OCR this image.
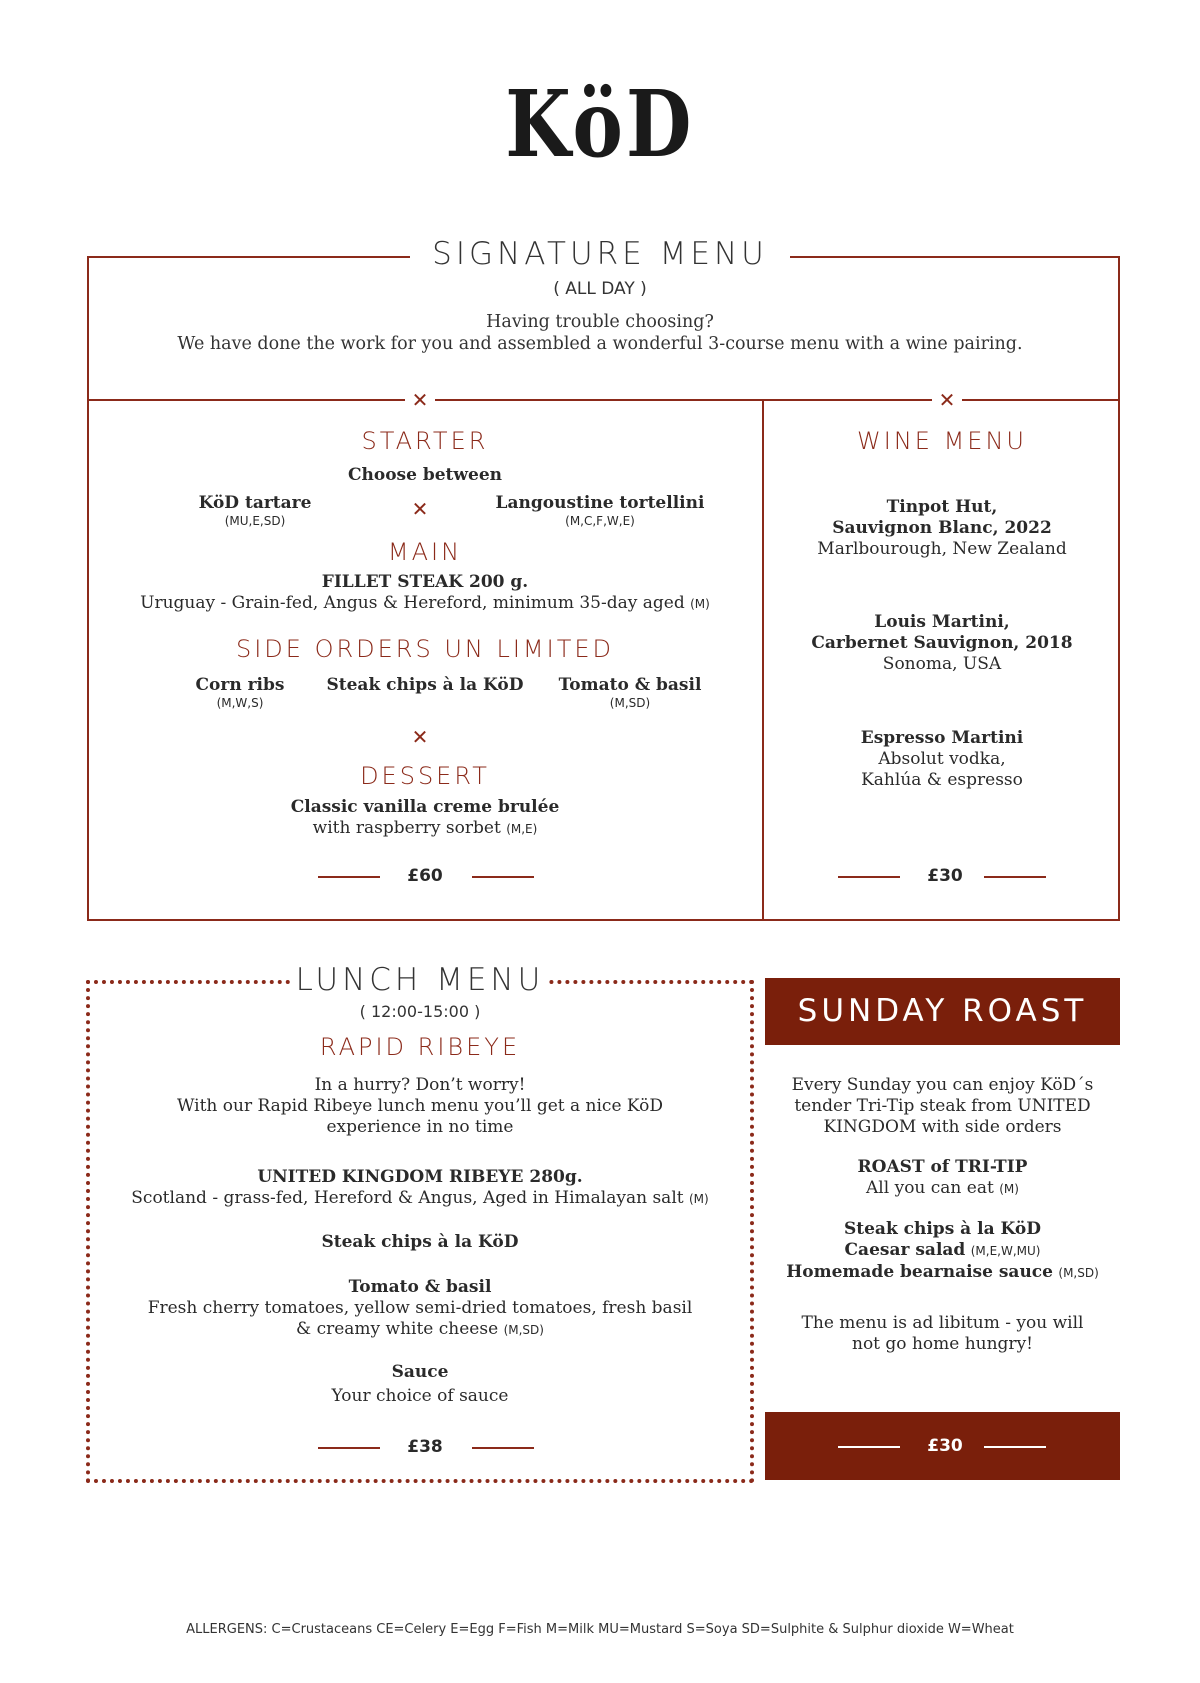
KöD
SIGNATURE MENU
( ALL DAY )
Having trouble choosing?
We have done the work for you and assembled a wonderful 3-course menu with a wine pairing.
✕	✕
STARTER
Choose between
KöD tartare
(MU,E,SD)	✕	Langoustine tortellini
(M,C,F,W,E)
MAIN
FILLET STEAK 200 g.
Uruguay - Grain-fed, Angus & Hereford, minimum 35-day aged (M)
SIDE ORDERS UN LIMITED
Corn ribs
(M,W,S)
Steak chips à la KöD	Tomato & basil
(M,SD)
✕
DESSERT
Classic vanilla creme brulée
with raspberry sorbet (M,E)
£60
WINE MENU
Tinpot Hut,
Sauvignon Blanc, 2022
Marlbourough, New Zealand
Louis Martini,
Carbernet Sauvignon, 2018
Sonoma, USA
Espresso Martini
Absolut vodka,
Kahlúa & espresso
£30
LUNCH MENU
( 12:00-15:00 )
RAPID RIBEYE
In a hurry? Don’t worry!
With our Rapid Ribeye lunch menu you’ll get a nice KöD
experience in no time
UNITED KINGDOM RIBEYE 280g.
Scotland - grass-fed, Hereford & Angus, Aged in Himalayan salt (M)
Steak chips à la KöD
Tomato & basil
Fresh cherry tomatoes, yellow semi-dried tomatoes, fresh basil
& creamy white cheese (M,SD)
Sauce
Your choice of sauce
£38
SUNDAY ROAST
Every Sunday you can enjoy KöD´s
tender Tri-Tip steak from UNITED
KINGDOM with side orders
ROAST of TRI-TIP
All you can eat (M)
Steak chips à la KöD
Caesar salad (M,E,W,MU)
Homemade bearnaise sauce (M,SD)
The menu is ad libitum - you will
not go home hungry!
£30
ALLERGENS: C=Crustaceans CE=Celery E=Egg F=Fish M=Milk MU=Mustard S=Soya SD=Sulphite & Sulphur dioxide W=Wheat
